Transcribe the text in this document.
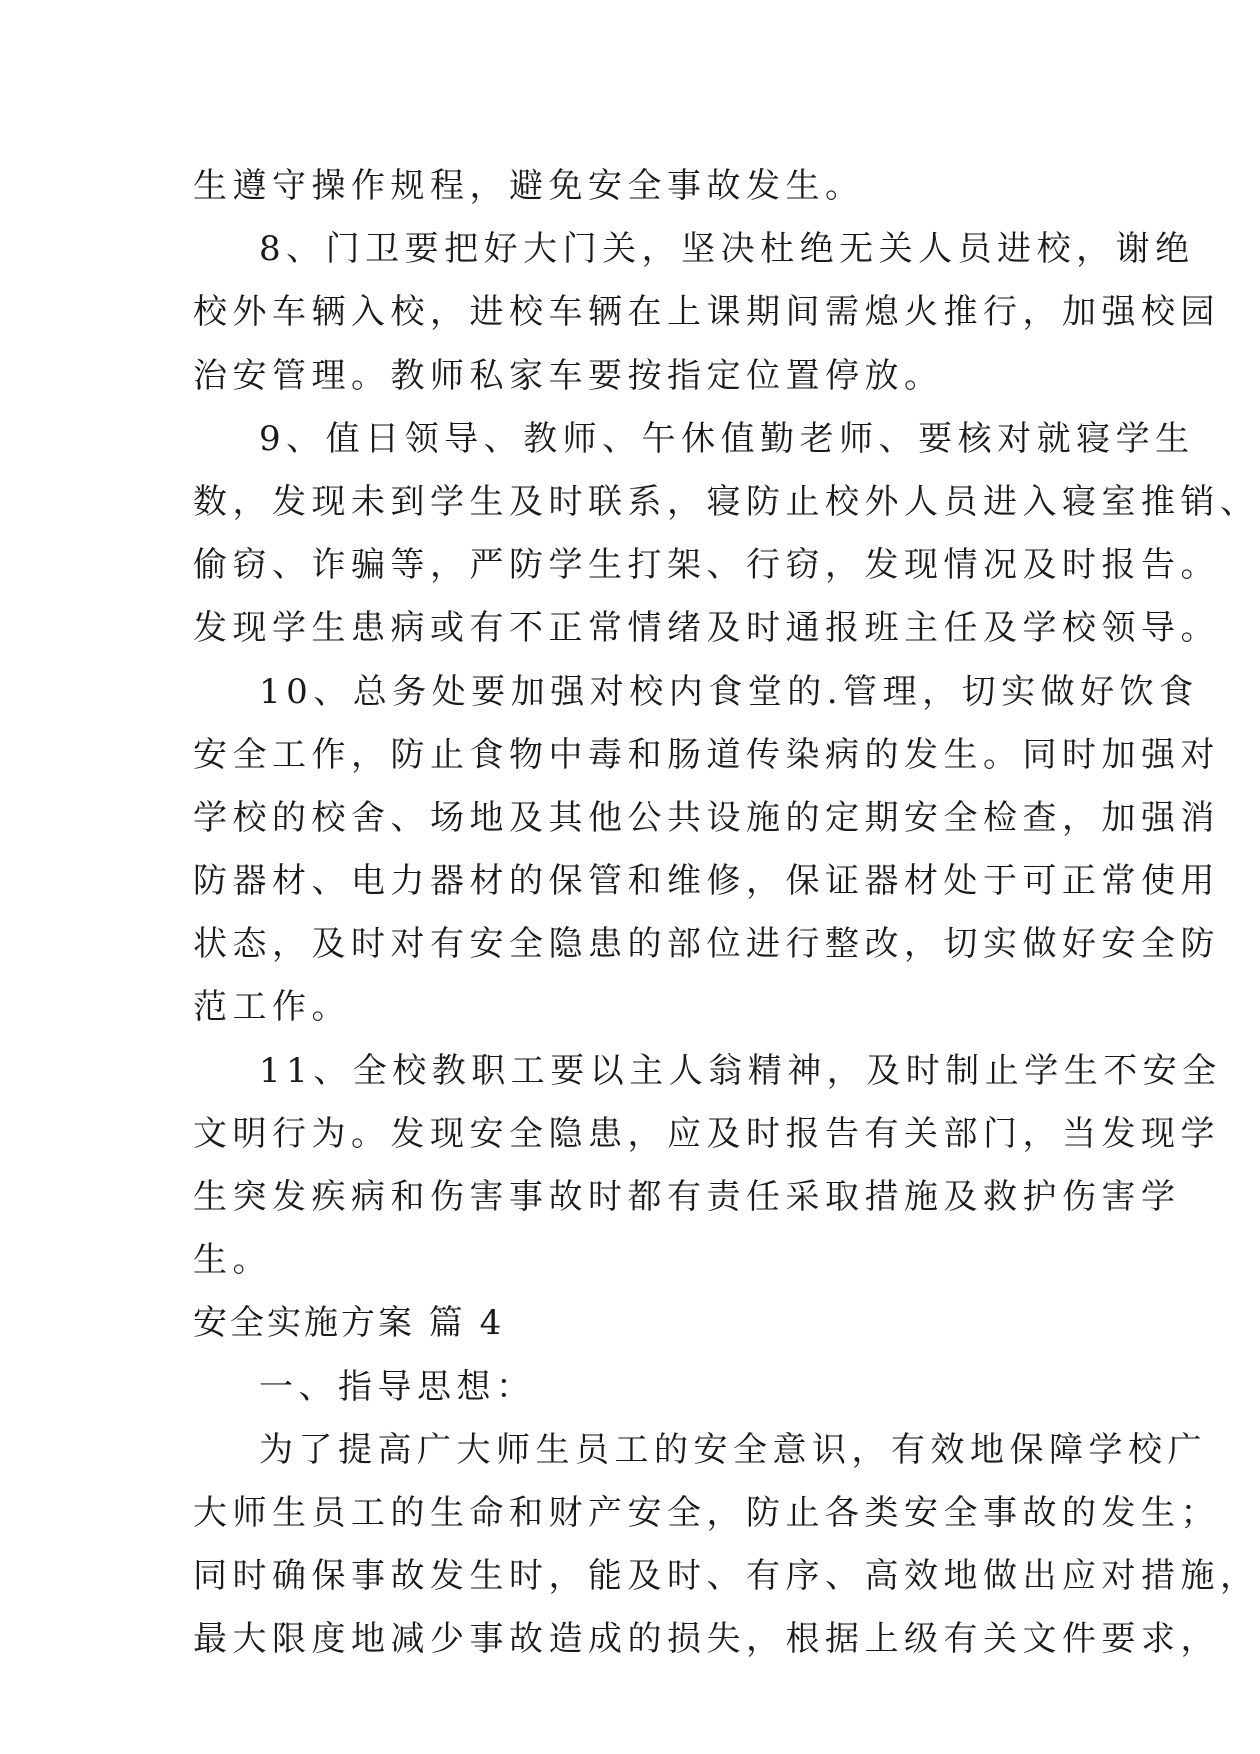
生遵守操作规程，避免安全事故发生。
8、门卫要把好大门关，坚决杜绝无关人员进校，谢绝
校外车辆入校，进校车辆在上课期间需熄火推行，加强校园
治安管理。教师私家车要按指定位置停放。
9、值日领导、教师、午休值勤老师、要核对就寝学生
数，发现未到学生及时联系，寝防止校外人员进入寝室推销、
偷窃、诈骗等，严防学生打架、行窃，发现情况及时报告。
发现学生患病或有不正常情绪及时通报班主任及学校领导。
10、总务处要加强对校内食堂的.管理，切实做好饮食
安全工作，防止食物中毒和肠道传染病的发生。同时加强对
学校的校舍、场地及其他公共设施的定期安全检查，加强消
防器材、电力器材的保管和维修，保证器材处于可正常使用
状态，及时对有安全隐患的部位进行整改，切实做好安全防
范工作。
11、全校教职工要以主人翁精神，及时制止学生不安全
文明行为。发现安全隐患，应及时报告有关部门，当发现学
生突发疾病和伤害事故时都有责任采取措施及救护伤害学
生。
安全实施方案 篇 4
一、指导思想：
为了提高广大师生员工的安全意识，有效地保障学校广
大师生员工的生命和财产安全，防止各类安全事故的发生；
同时确保事故发生时，能及时、有序、高效地做出应对措施，
最大限度地减少事故造成的损失，根据上级有关文件要求，
